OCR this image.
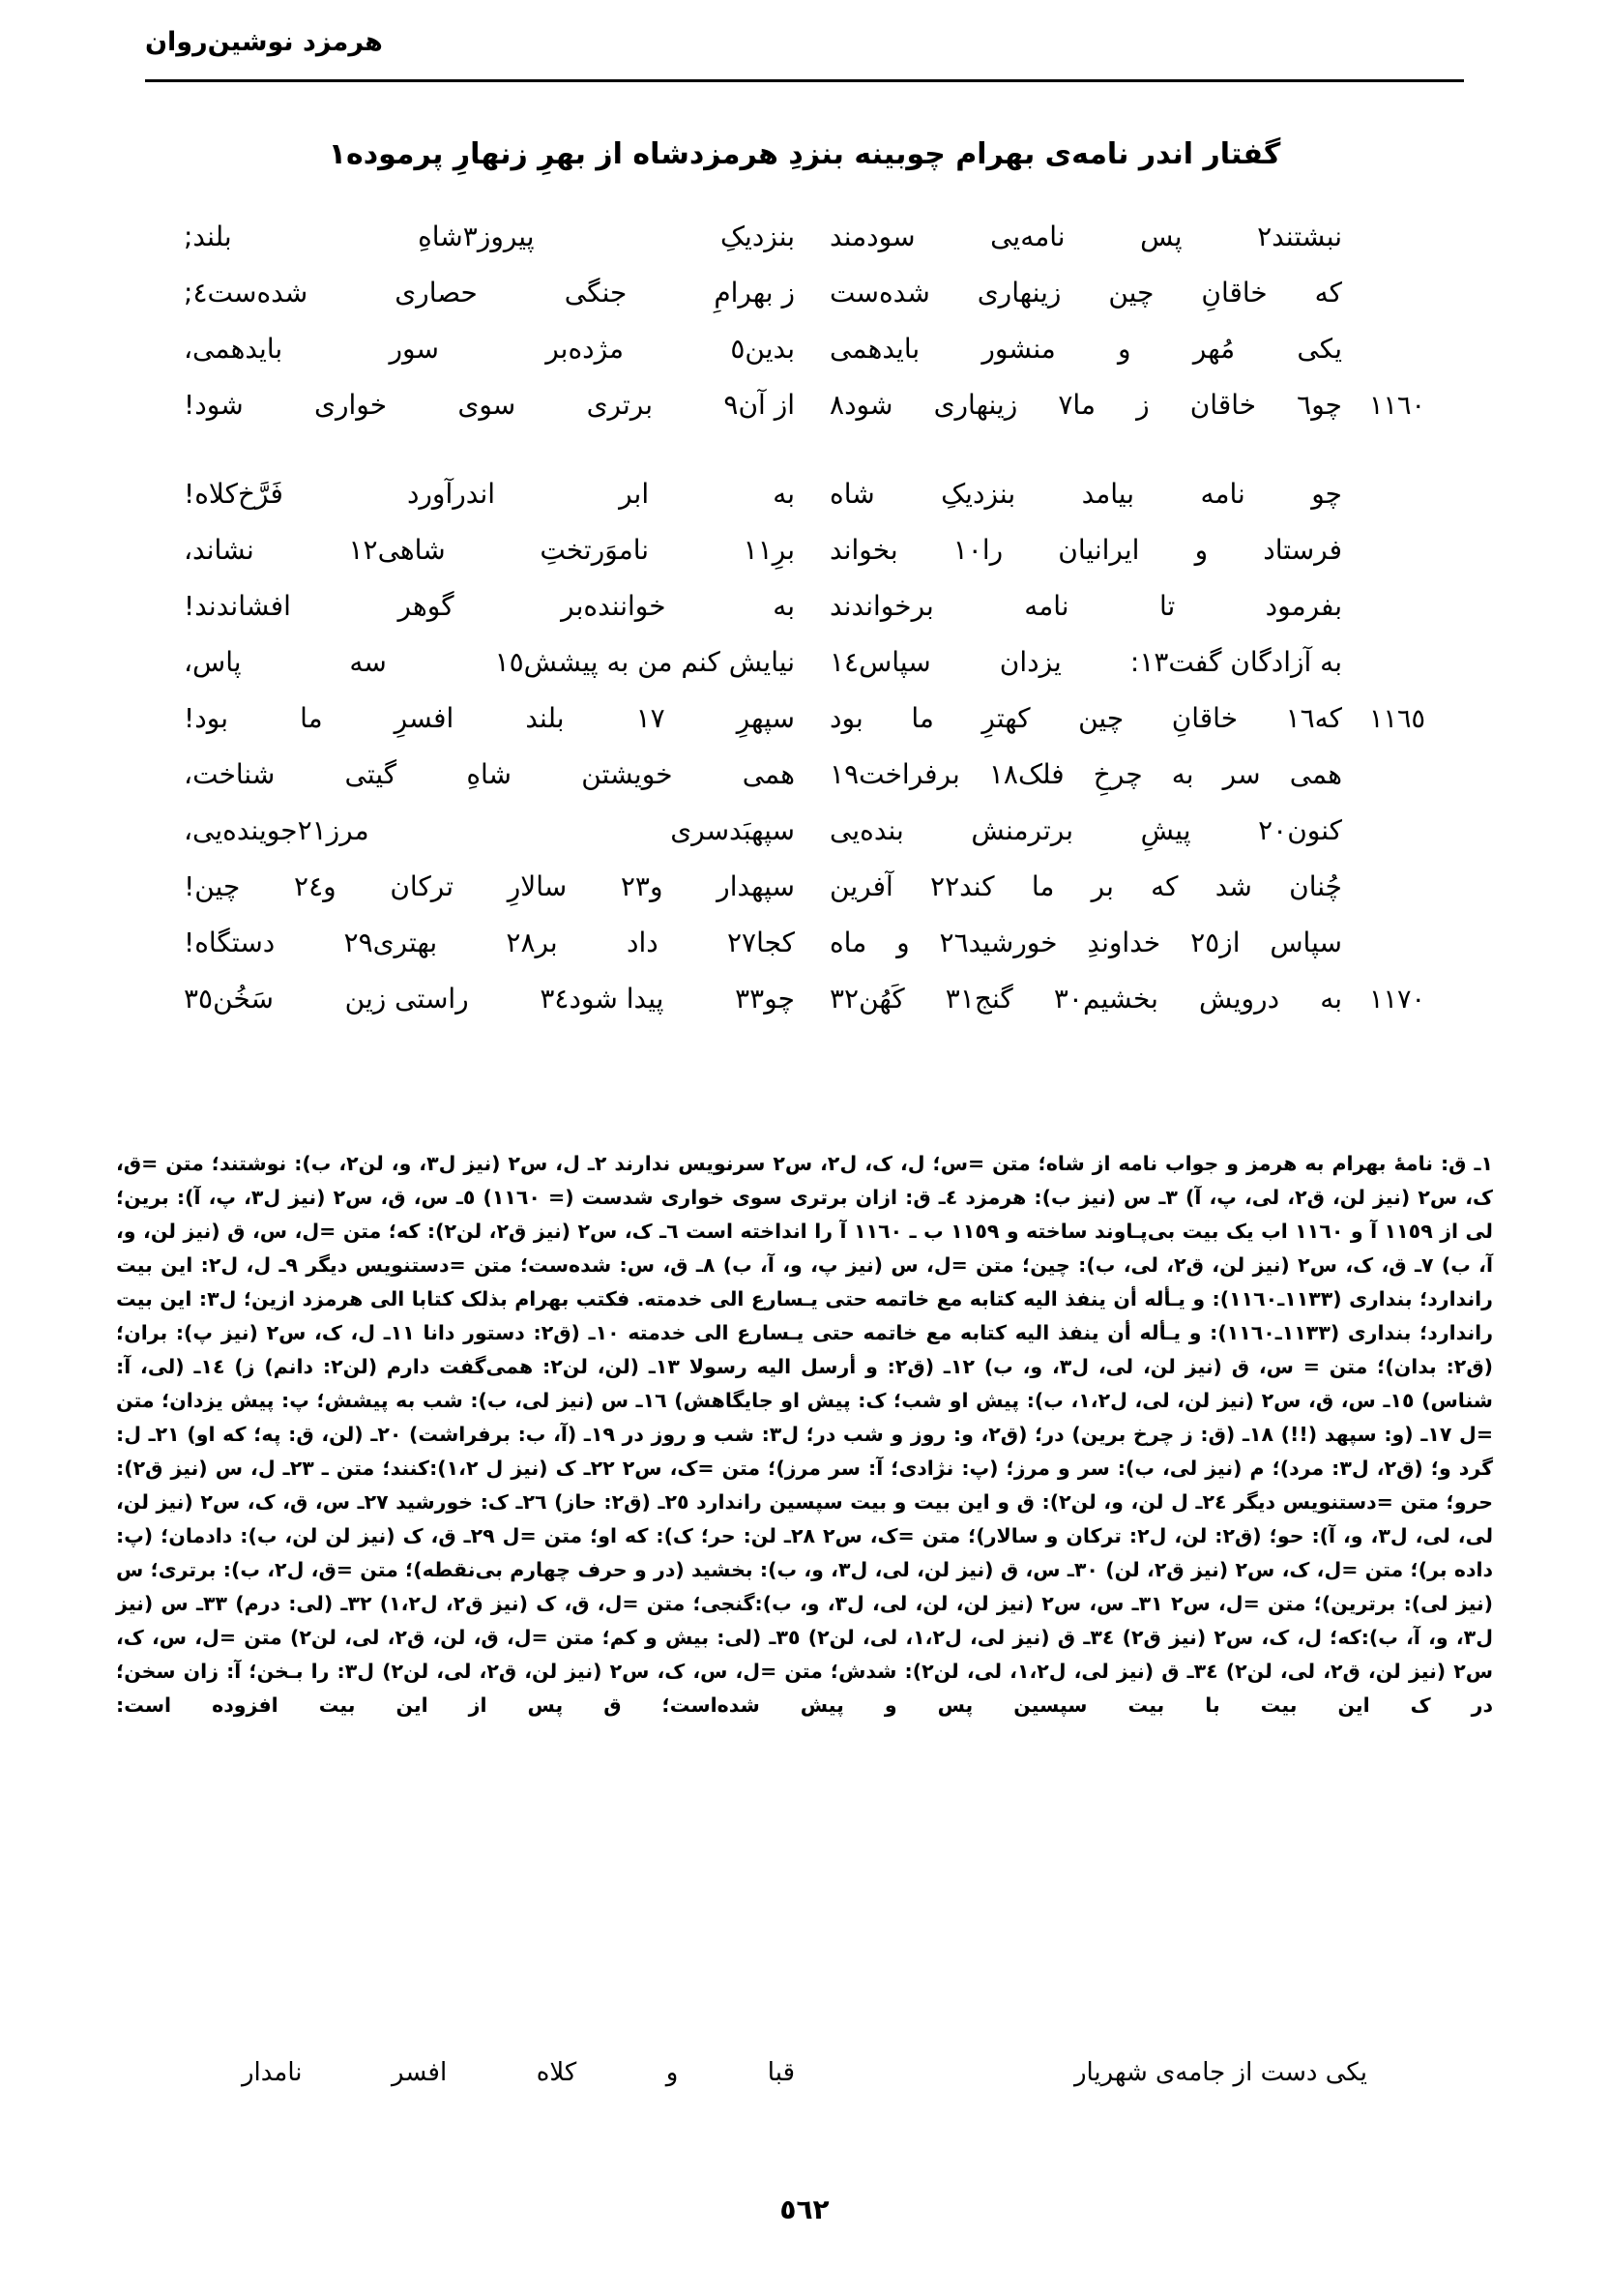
هرمزد نوشین‌روان
گفتار اندر نامه‌ی بهرام چوبینه بنزدِ هرمزدشاه از بهرِ زنهارِ پرموده١
نبشتند٢
پس
نامه‌یی
سودمند
بنزدیکِ
پیروز٣شاهِ
بلند;
که
خاقانِ
چین
زینهاری
شده‌ست
ز بهرامِ
جنگی
حصاری
شده‌ست٤;
یکی
مُهر
و
منشور
بایدهمی
بدین٥
مژده‌بر
سور
بایدهمی،
١١٦٠
چو٦
خاقان
ز
ما٧
زینهاری
شود٨
از آن٩
برتری
سوی
خواری
شود!
چو
نامه
بیامد
بنزدیکِ
شاه
به
ابر
اندرآورد
فَرَّخ‌کلاه!
فرستاد
و
ایرانیان
را١٠
بخواند
برِ١١
ناموَرتختِ
شاهی١٢
نشاند،
بفرمود
تا
نامه
برخواندند
به
خواننده‌بر
گوهر
افشاندند!
به آزادگان گفت١٣:
یزدان
سپاس١٤
نیایش کنم من به پیشش١٥
سه
پاس،
١١٦٥
که١٦
خاقانِ
چین
کهترِ
ما
بود
سپهرِ
١٧
بلند
افسرِ
ما
بود!
همی
سر
به
چرخِ
فلک١٨
برفراخت١٩
همی
خویشتن
شاهِ
گیتی
شناخت،
کنون٢٠
پیشِ
برترمنش
بنده‌یی
سپهبَدسری
مرز٢١جوینده‌یی،
چُنان
شد
که
بر
ما
کند٢٢
آفرین
سپهدار
و٢٣
سالارِ
ترکان
و٢٤
چین!
سپاس
از٢٥
خداوندِ
خورشید٢٦
و
ماه
کجا٢٧
داد
بر٢٨
بهتری٢٩
دستگاه!
١١٧٠
به
درویش
بخشیم٣٠
گنج٣١
کَهُن٣٢
چو٣٣
پیدا شود٣٤
راستی زین
سَخُن٣٥

١ـ ق: نامهٔ بهرام به هرمز و جواب نامه از شاه؛ متن =س؛ ل، ک، ل٢، س٢ سرنویس ندارند ٢ـ ل، س٢ (نیز ل٣، و، لن٢، ب): نوشتند؛ متن =ق، ک، س٢ (نیز لن، ق٢، لی، پ، آ) ٣ـ س (نیز ب): هرمزد ٤ـ ق: ازان برتری سوی خواری شدست (= ١١٦٠) ٥ـ س، ق، س٢ (نیز ل٣، پ، آ): برین؛ لی از ١١٥٩ آ و ١١٦٠ اب یک بیت بی‌پـاوند ساخته و ١١٥٩ ب ـ ١١٦٠ آ را انداخته است ٦ـ ک، س٢ (نیز ق٢، لن٢): که؛ متن =ل، س، ق (نیز لن، و، آ، ب) ٧ـ ق، ک، س٢ (نیز لن، ق٢، لی، ب): چین؛ متن =ل، س (نیز پ، و، آ، ب) ٨ـ ق، س: شده‌ست؛ متن =دستنویس دیگر ٩ـ ل، ل٢: این بیت راندارد؛ بنداری (١١٣٣ـ١١٦٠): و یـأله أن ینفذ الیه کتابه مع خاتمه حتی یـسارع الی خدمته. فکتب بهرام بذلک کتابا الی هرمزد ازین؛ ل٣: این بیت راندارد؛ بنداری (١١٣٣ـ١١٦٠): و یـأله أن ینفذ الیه کتابه مع خاتمه حتی یـسارع الی خدمته ١٠ـ (ق٢: دستور دانا ١١ـ ل، ک، س٢ (نیز پ): بران؛ (ق٢: بدان)؛ متن = س، ق (نیز لن، لی، ل٣، و، ب) ١٢ـ (ق٢: و أرسل الیه رسولا ١٣ـ (لن، لن٢: همی‌گفت دارم (لن٢: دانم) ز) ١٤ـ (لی، آ: شناس) ١٥ـ س، ق، س٢ (نیز لن، لی، ل١،٢، ب): پیش او شب؛ ک: پیش او جایگاهش) ١٦ـ س (نیز لی، ب): شب به پیشش؛ پ: پیش یزدان؛ متن =ل ١٧ـ (و: سپهد (!!) ١٨ـ (ق: ز چرخ برین) در؛ (ق٢، و: روز و شب در؛ ل٣: شب و روز در ١٩ـ (آ، ب: برفراشت) ٢٠ـ (لن، ق: په؛ که او) ٢١ـ ل: گرد و؛ (ق٢، ل٣: مرد)؛ م (نیز لی، ب): سر و مرز؛ (پ: نژادی؛ آ: سر مرز)؛ متن =ک، س٢ ٢٢ـ ک (نیز ل ١،٢):کنند؛ متن ـ ٢٣ـ ل، س (نیز ق٢): حرو؛ متن =دستنویس دیگر ٢٤ـ ل لن، و، لن٢): ق و این بیت و بیت سپسین راندارد ٢٥ـ (ق٢: حاز) ٢٦ـ ک: خورشید ٢٧ـ س، ق، ک، س٢ (نیز لن، لی، لی، ل٣، و، آ): حو؛ (ق٢: لن، ل٢: ترکان و سالار)؛ متن =ک، س٢ ٢٨ـ لن: حر؛ ک): که او؛ متن =ل ٢٩ـ ق، ک (نیز لن لن، ب): دادمان؛ (پ: داده بر)؛ متن =ل، ک، س٢ (نیز ق٢، لن) ٣٠ـ س، ق (نیز لن، لی، ل٣، و، ب): بخشید (در و حرف چهارم بی‌نقطه)؛ متن =ق، ل٢، ب): برتری؛ س (نیز لی): برترین)؛ متن =ل، س٢ ٣١ـ س، س٢ (نیز لن، لن، لی، ل٣، و، ب):گنجی؛ متن =ل، ق، ک (نیز ق٢، ل١،٢) ٣٢ـ (لی: درم) ٣٣ـ س (نیز ل٣، و، آ، ب):که؛ ل، ک، س٢ (نیز ق٢) ٣٤ـ ق (نیز لی، ل١،٢، لی، لن٢) ٣٥ـ (لی: بیش و کم؛ متن =ل، ق، لن، ق٢، لی، لن٢) متن =ل، س، ک، س٢ (نیز لن، ق٢، لی، لن٢) ٣٤ـ ق (نیز لی، ل١،٢، لی، لن٢): شدش؛ متن =ل، س، ک، س٢ (نیز لن، ق٢، لی، لن٢) ل٣: را بـخن؛ آ: زان سخن؛ در ک این بیت با بیت سپسین پس و پیش شده‌است؛ ق پس از این بیت افزوده است:

یکی دست از جامه‌ی شهریار
قبا
و
کلاه
افسر
نامدار
٥٦٢
